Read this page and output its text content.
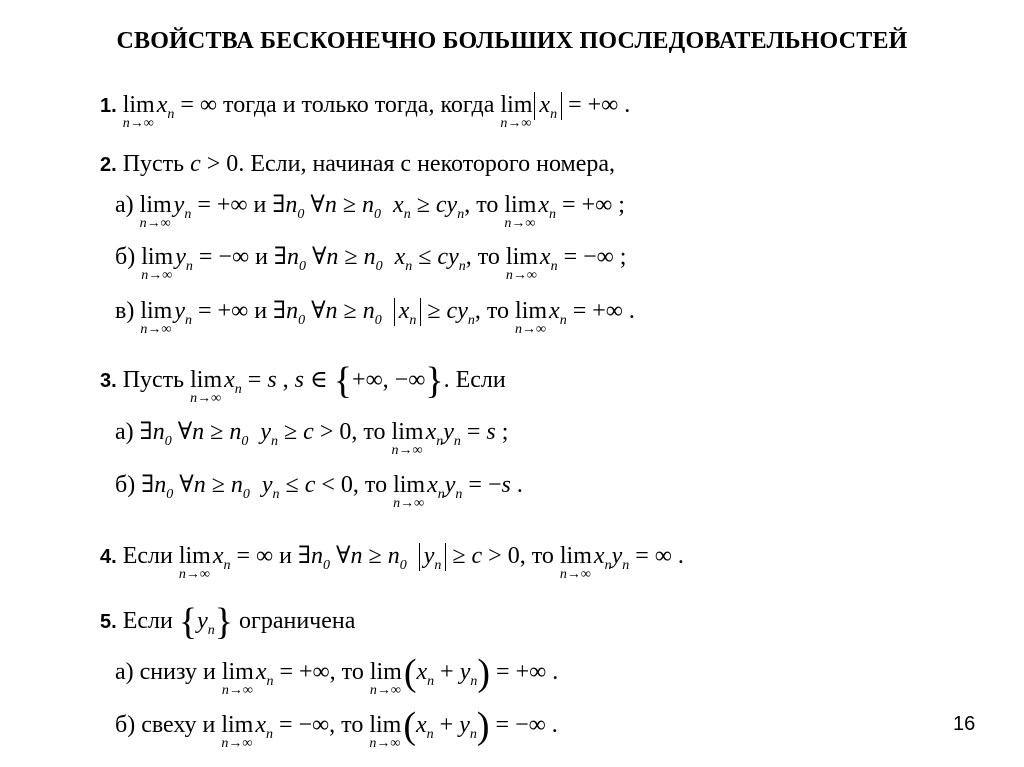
СВОЙСТВА БЕСКОНЕЧНО БОЛЬШИХ ПОСЛЕДОВАТЕЛЬНОСТЕЙ
1. lim
n→∞
$x_n$ = ∞ тогда и только тогда, когда lim
n→∞
$x_n$ = +∞ .
2. Пусть c > 0. Если, начиная с некоторого номера,
а) lim
n→∞
$y_n$ = +∞ и $\exists n_0$ ∀n ≥ $n_0$ $x_n \ge cy_n$, то lim
n→∞
$x_n$ = +∞ ;
б) lim
n→∞
$y_n$ = −∞ и $\exists n_0$ ∀n ≥ $n_0$ $x_n \le cy_n$, то lim
n→∞
$x_n$ = −∞ ;
в) lim
n→∞
$y_n$ = +∞ и $\exists n_0$ ∀n ≥ $n_0$ $x_n \ge cy_n$, то lim
n→∞
$x_n$ = +∞ .
3. Пусть lim
n→∞
$x_n = s$ , s ∈ {+∞, −∞}. Если
а) $\exists n_0$ ∀n ≥ $n_0$ $y_n \ge c > 0$, то lim
n→∞
$x_ny_n = s$ ;
б) $\exists n_0$ ∀n ≥ $n_0$ $y_n \le c < 0$, то lim
n→∞
$x_ny_n = -s$ .
4. Если lim
n→∞
$x_n$ = ∞ и $\exists n_0$ ∀n ≥ $n_0$ $y_n \ge c > 0$, то lim
n→∞
$x_ny_n$ = ∞ .
5. Если $\{y_n\}$ ограничена
а) снизу и lim
n→∞
$x_n$ = +∞, то lim
n→∞ $(x_n + y_n)$ = +∞ .
б) свеху и lim
n→∞
$x_n$ = −∞, то lim
n→∞ $(x_n + y_n)$ = −∞ .	16
